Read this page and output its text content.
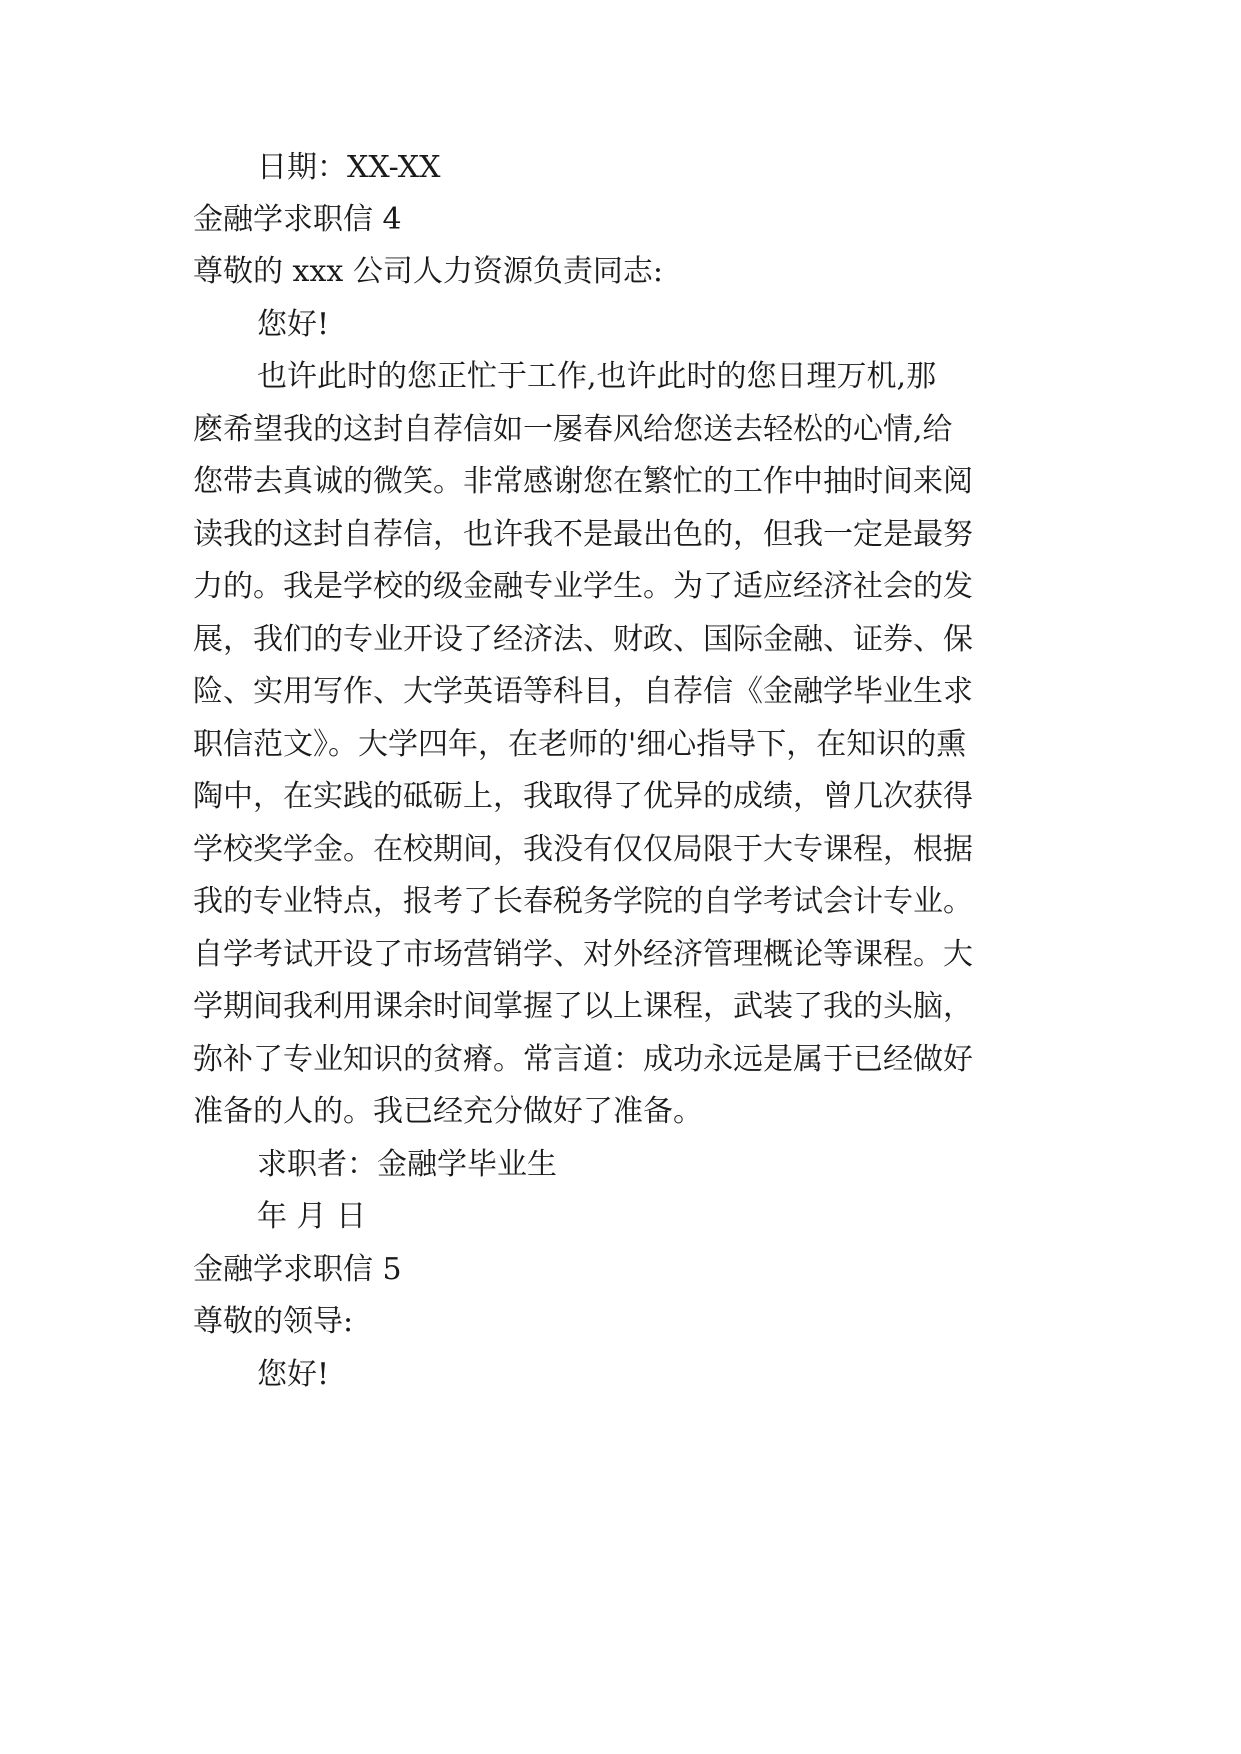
日期：XX-XX
金融学求职信 4
尊敬的 xxx 公司人力资源负责同志:
您好!
也许此时的您正忙于工作,也许此时的您日理万机,那
麽希望我的这封自荐信如一屡春风给您送去轻松的心情,给
您带去真诚的微笑。非常感谢您在繁忙的工作中抽时间来阅
读我的这封自荐信，也许我不是最出色的，但我一定是最努
力的。我是学校的级金融专业学生。为了适应经济社会的发
展，我们的专业开设了经济法、财政、国际金融、证券、保
险、实用写作、大学英语等科目，自荐信《金融学毕业生求
职信范文》。大学四年，在老师的'细心指导下，在知识的熏
陶中，在实践的砥砺上，我取得了优异的成绩，曾几次获得
学校奖学金。在校期间，我没有仅仅局限于大专课程，根据
我的专业特点，报考了长春税务学院的自学考试会计专业。
自学考试开设了市场营销学、对外经济管理概论等课程。大
学期间我利用课余时间掌握了以上课程，武装了我的头脑，
弥补了专业知识的贫瘠。常言道：成功永远是属于已经做好
准备的人的。我已经充分做好了准备。
求职者：金融学毕业生
年 月 日
金融学求职信 5
尊敬的领导:
您好!
